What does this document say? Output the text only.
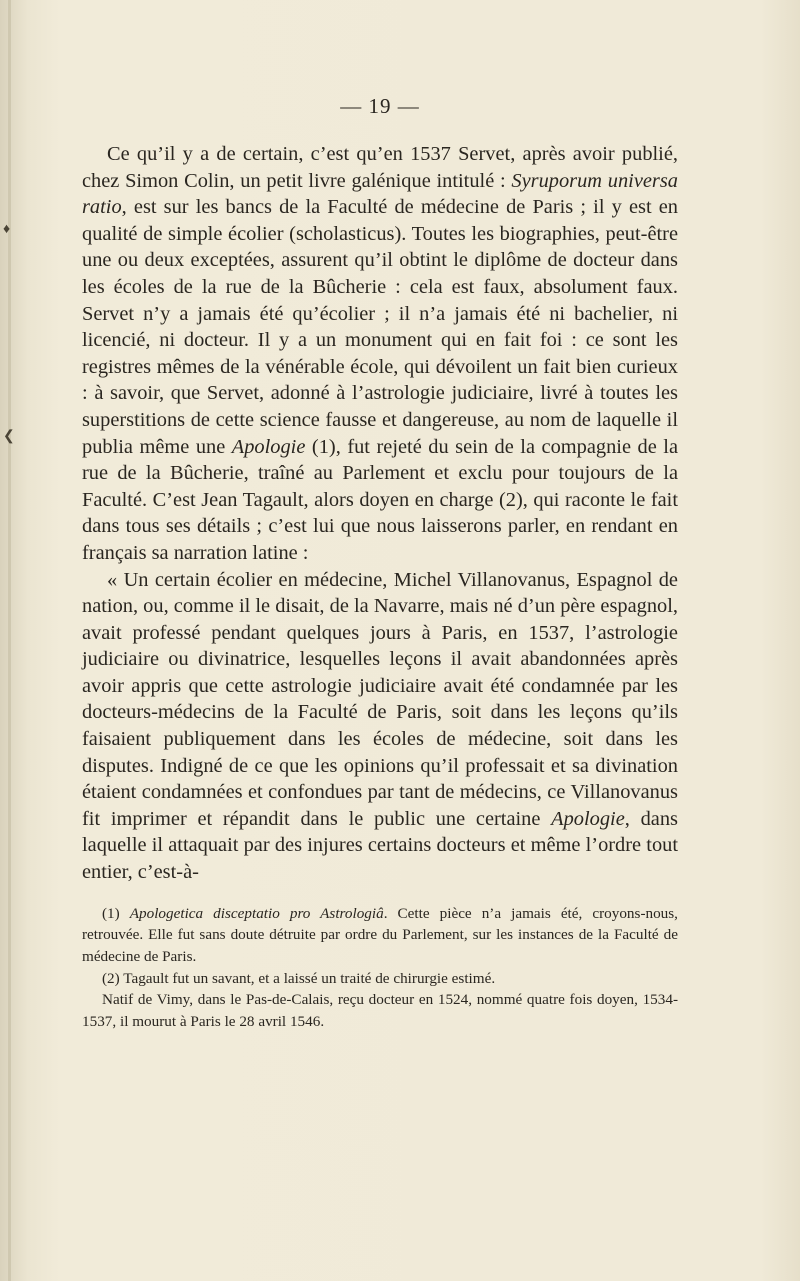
♦
❮
— 19 —

Ce qu’il y a de certain, c’est qu’en 1537 Servet, après avoir publié, chez Simon Colin, un petit livre galénique intitulé : Syruporum universa ratio, est sur les bancs de la Faculté de médecine de Paris ; il y est en qualité de simple écolier (scholasticus). Toutes les biographies, peut-être une ou deux exceptées, assurent qu’il obtint le diplôme de docteur dans les écoles de la rue de la Bûcherie : cela est faux, absolument faux. Servet n’y a jamais été qu’écolier ; il n’a jamais été ni bachelier, ni licencié, ni docteur. Il y a un monument qui en fait foi : ce sont les registres mêmes de la vénérable école, qui dévoilent un fait bien curieux : à savoir, que Servet, adonné à l’astrologie judiciaire, livré à toutes les superstitions de cette science fausse et dangereuse, au nom de laquelle il publia même une Apologie (1), fut rejeté du sein de la compagnie de la rue de la Bûcherie, traîné au Parlement et exclu pour toujours de la Faculté. C’est Jean Tagault, alors doyen en charge (2), qui raconte le fait dans tous ses détails ; c’est lui que nous laisserons parler, en rendant en français sa narration latine :

« Un certain écolier en médecine, Michel Villanovanus, Espagnol de nation, ou, comme il le disait, de la Navarre, mais né d’un père espagnol, avait professé pendant quelques jours à Paris, en 1537, l’astrologie judiciaire ou divinatrice, lesquelles leçons il avait abandonnées après avoir appris que cette astrologie judiciaire avait été condamnée par les docteurs-médecins de la Faculté de Paris, soit dans les leçons qu’ils faisaient publiquement dans les écoles de médecine, soit dans les disputes. Indigné de ce que les opinions qu’il professait et sa divination étaient condamnées et confondues par tant de médecins, ce Villanovanus fit imprimer et répandit dans le public une certaine Apologie, dans laquelle il attaquait par des injures certains docteurs et même l’ordre tout entier, c’est-à-

(1) Apologetica disceptatio pro Astrologiâ. Cette pièce n’a jamais été, croyons-nous, retrouvée. Elle fut sans doute détruite par ordre du Parlement, sur les instances de la Faculté de médecine de Paris.

(2) Tagault fut un savant, et a laissé un traité de chirurgie estimé.

Natif de Vimy, dans le Pas-de-Calais, reçu docteur en 1524, nommé quatre fois doyen, 1534-1537, il mourut à Paris le 28 avril 1546.
